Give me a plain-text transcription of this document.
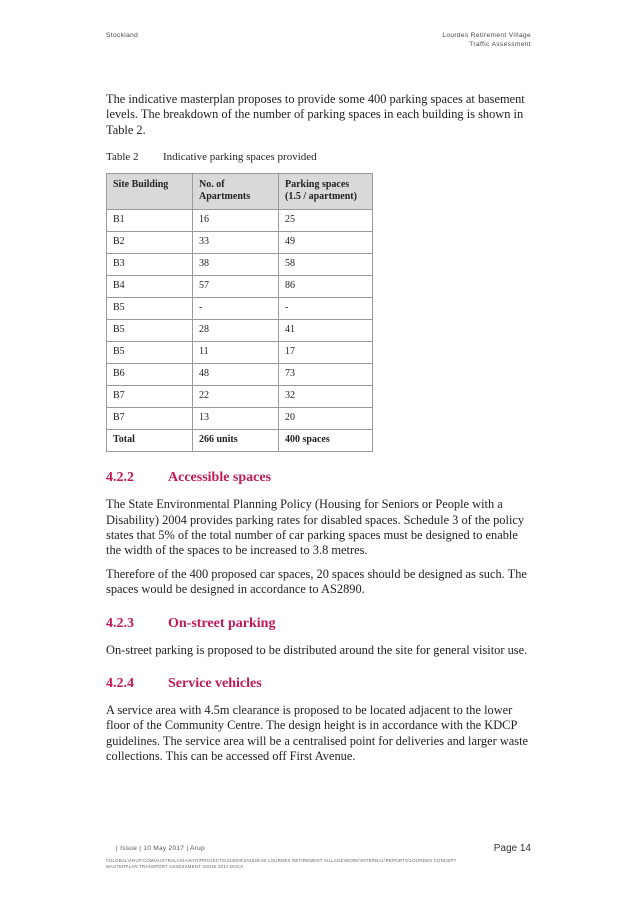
Stockland	Lourdes Retirement Village
Traffic Assessment

The indicative masterplan proposes to provide some 400 parking spaces at basement levels. The breakdown of the number of parking spaces in each building is shown in Table 2.

Table 2	Indicative parking spaces provided
Site Building	No. of Apartments	Parking spaces (1.5 / apartment)
B1	16	25
B2	33	49
B3	38	58
B4	57	86
B5	-	-
B5	28	41
B5	11	17
B6	48	73
B7	22	32
B7	13	20
Total	266 units	400 spaces
4.2.2	Accessible spaces

The State Environmental Planning Policy (Housing for Seniors or People with a Disability) 2004 provides parking rates for disabled spaces. Schedule 3 of the policy states that 5% of the total number of car parking spaces must be designed to enable the width of the spaces to be increased to 3.8 metres.

Therefore of the 400 proposed car spaces, 20 spaces should be designed as such. The spaces would be designed in accordance to AS2890.

4.2.3	On-street parking

On-street parking is proposed to be distributed around the site for general visitor use.

4.2.4	Service vehicles

A service area with 4.5m clearance is proposed to be located adjacent to the lower floor of the Community Centre. The design height is in accordance with the KDCP guidelines. The service area will be a centralised point for deliveries and larger waste collections. This can be accessed off First Avenue.

| Issue | 10 May 2017 | Arup	Page 14
\\GLOBAL\ARUP.COM\AUSTRALASIA\SYD\PROJECTS\244000\244028-00 LOURDES RETIREMENT VILLAGE\WORK\INTERNAL\REPORTS\LOURDES CONCEPT MASTERPLAN TRANSPORT ASSESSMENT ISSUE 2017.DOCX
